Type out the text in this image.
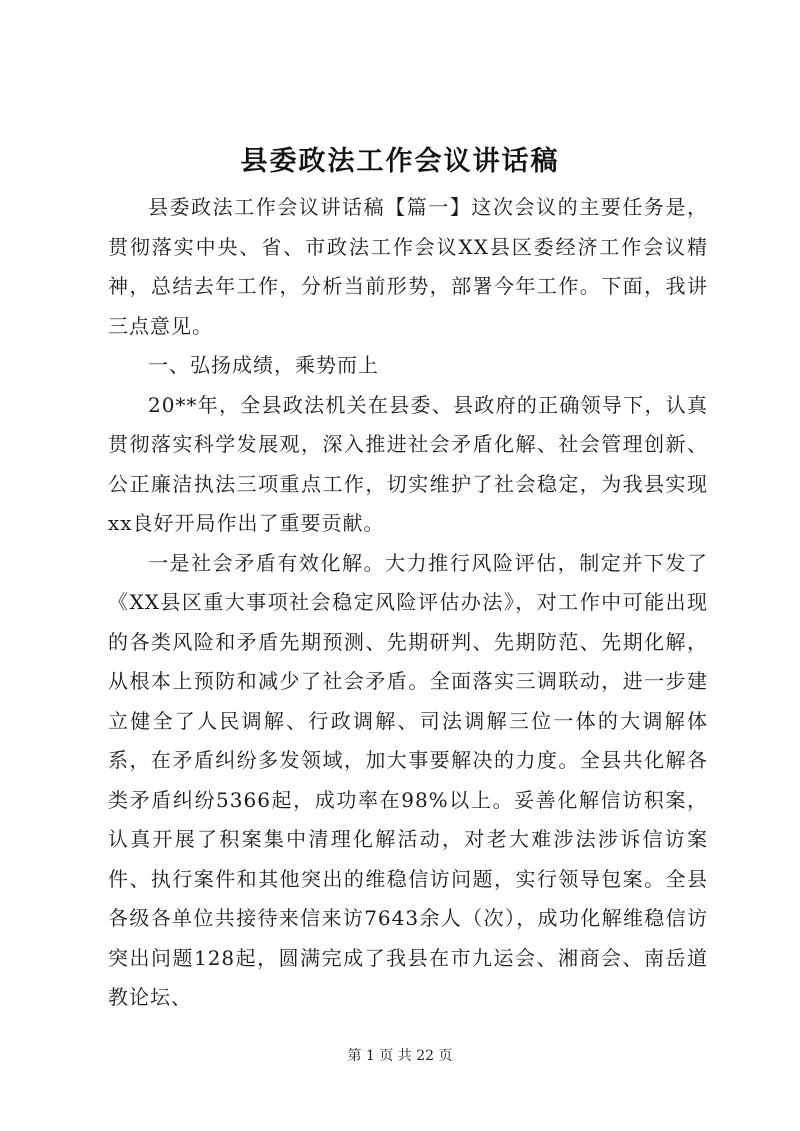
县委政法工作会议讲话稿

县委政法工作会议讲话稿【篇一】这次会议的主要任务是，贯彻落实中央、省、市政法工作会议XX县区委经济工作会议精神，总结去年工作，分析当前形势，部署今年工作。下面，我讲三点意见。

一、弘扬成绩，乘势而上

20**年，全县政法机关在县委、县政府的正确领导下，认真贯彻落实科学发展观，深入推进社会矛盾化解、社会管理创新、公正廉洁执法三项重点工作，切实维护了社会稳定，为我县实现xx良好开局作出了重要贡献。

一是社会矛盾有效化解。大力推行风险评估，制定并下发了《XX县区重大事项社会稳定风险评估办法》，对工作中可能出现的各类风险和矛盾先期预测、先期研判、先期防范、先期化解，从根本上预防和减少了社会矛盾。全面落实三调联动，进一步建立健全了人民调解、行政调解、司法调解三位一体的大调解体系，在矛盾纠纷多发领域，加大事要解决的力度。全县共化解各类矛盾纠纷5366起，成功率在98%以上。妥善化解信访积案，认真开展了积案集中清理化解活动，对老大难涉法涉诉信访案件、执行案件和其他突出的维稳信访问题，实行领导包案。全县各级各单位共接待来信来访7643余人（次），成功化解维稳信访突出问题128起，圆满完成了我县在市九运会、湘商会、南岳道教论坛、

第 1 页 共 22 页
